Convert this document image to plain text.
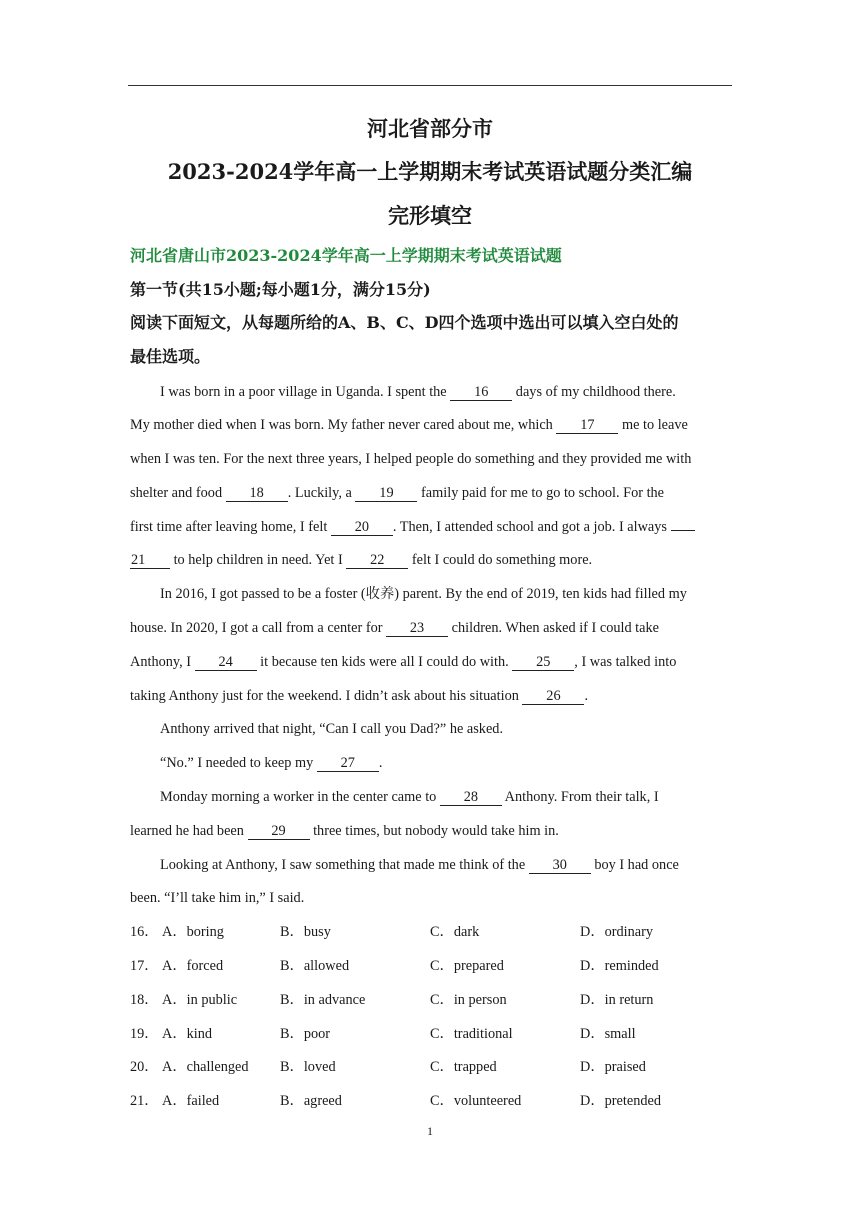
河北省部分市
2023-2024学年高一上学期期末考试英语试题分类汇编
完形填空
河北省唐山市2023-2024学年高一上学期期末考试英语试题
第一节(共15小题;每小题1分，满分15分)
阅读下面短文，从每题所给的A、B、C、D四个选项中选出可以填入空白处的
最佳选项。
I was born in a poor village in Uganda. I spent the 16 days of my childhood there.
My mother died when I was born. My father never cared about me, which 17 me to leave
when I was ten. For the next three years, I helped people do something and they provided me with
shelter and food 18 . Luckily, a 19 family paid for me to go to school. For the
first time after leaving home, I felt 20 . Then, I attended school and got a job. I always
21 to help children in need. Yet I 22 felt I could do something more.
In 2016, I got passed to be a foster (收养) parent. By the end of 2019, ten kids had filled my
house. In 2020, I got a call from a center for 23 children. When asked if I could take
Anthony, I 24 it because ten kids were all I could do with. 25 , I was talked into
taking Anthony just for the weekend. I didn’t ask about his situation 26 .
Anthony arrived that night, “Can I call you Dad?” he asked.
“No.” I needed to keep my 27 .
Monday morning a worker in the center came to 28 Anthony. From their talk, I
learned he had been 29 three times, but nobody would take him in.
Looking at Anthony, I saw something that made me think of the 30 boy I had once
been. “I’ll take him in,” I said.
16． A．boring	B．busy	C．dark	D．ordinary
17． A．forced	B．allowed	C．prepared	D．reminded
18． A．in public	B．in advance	C．in person	D．in return
19． A．kind	B．poor	C．traditional	D．small
20． A．challenged B．loved	C．trapped	D．praised
21． A．failed	B．agreed	C．volunteered	D．pretended
1
